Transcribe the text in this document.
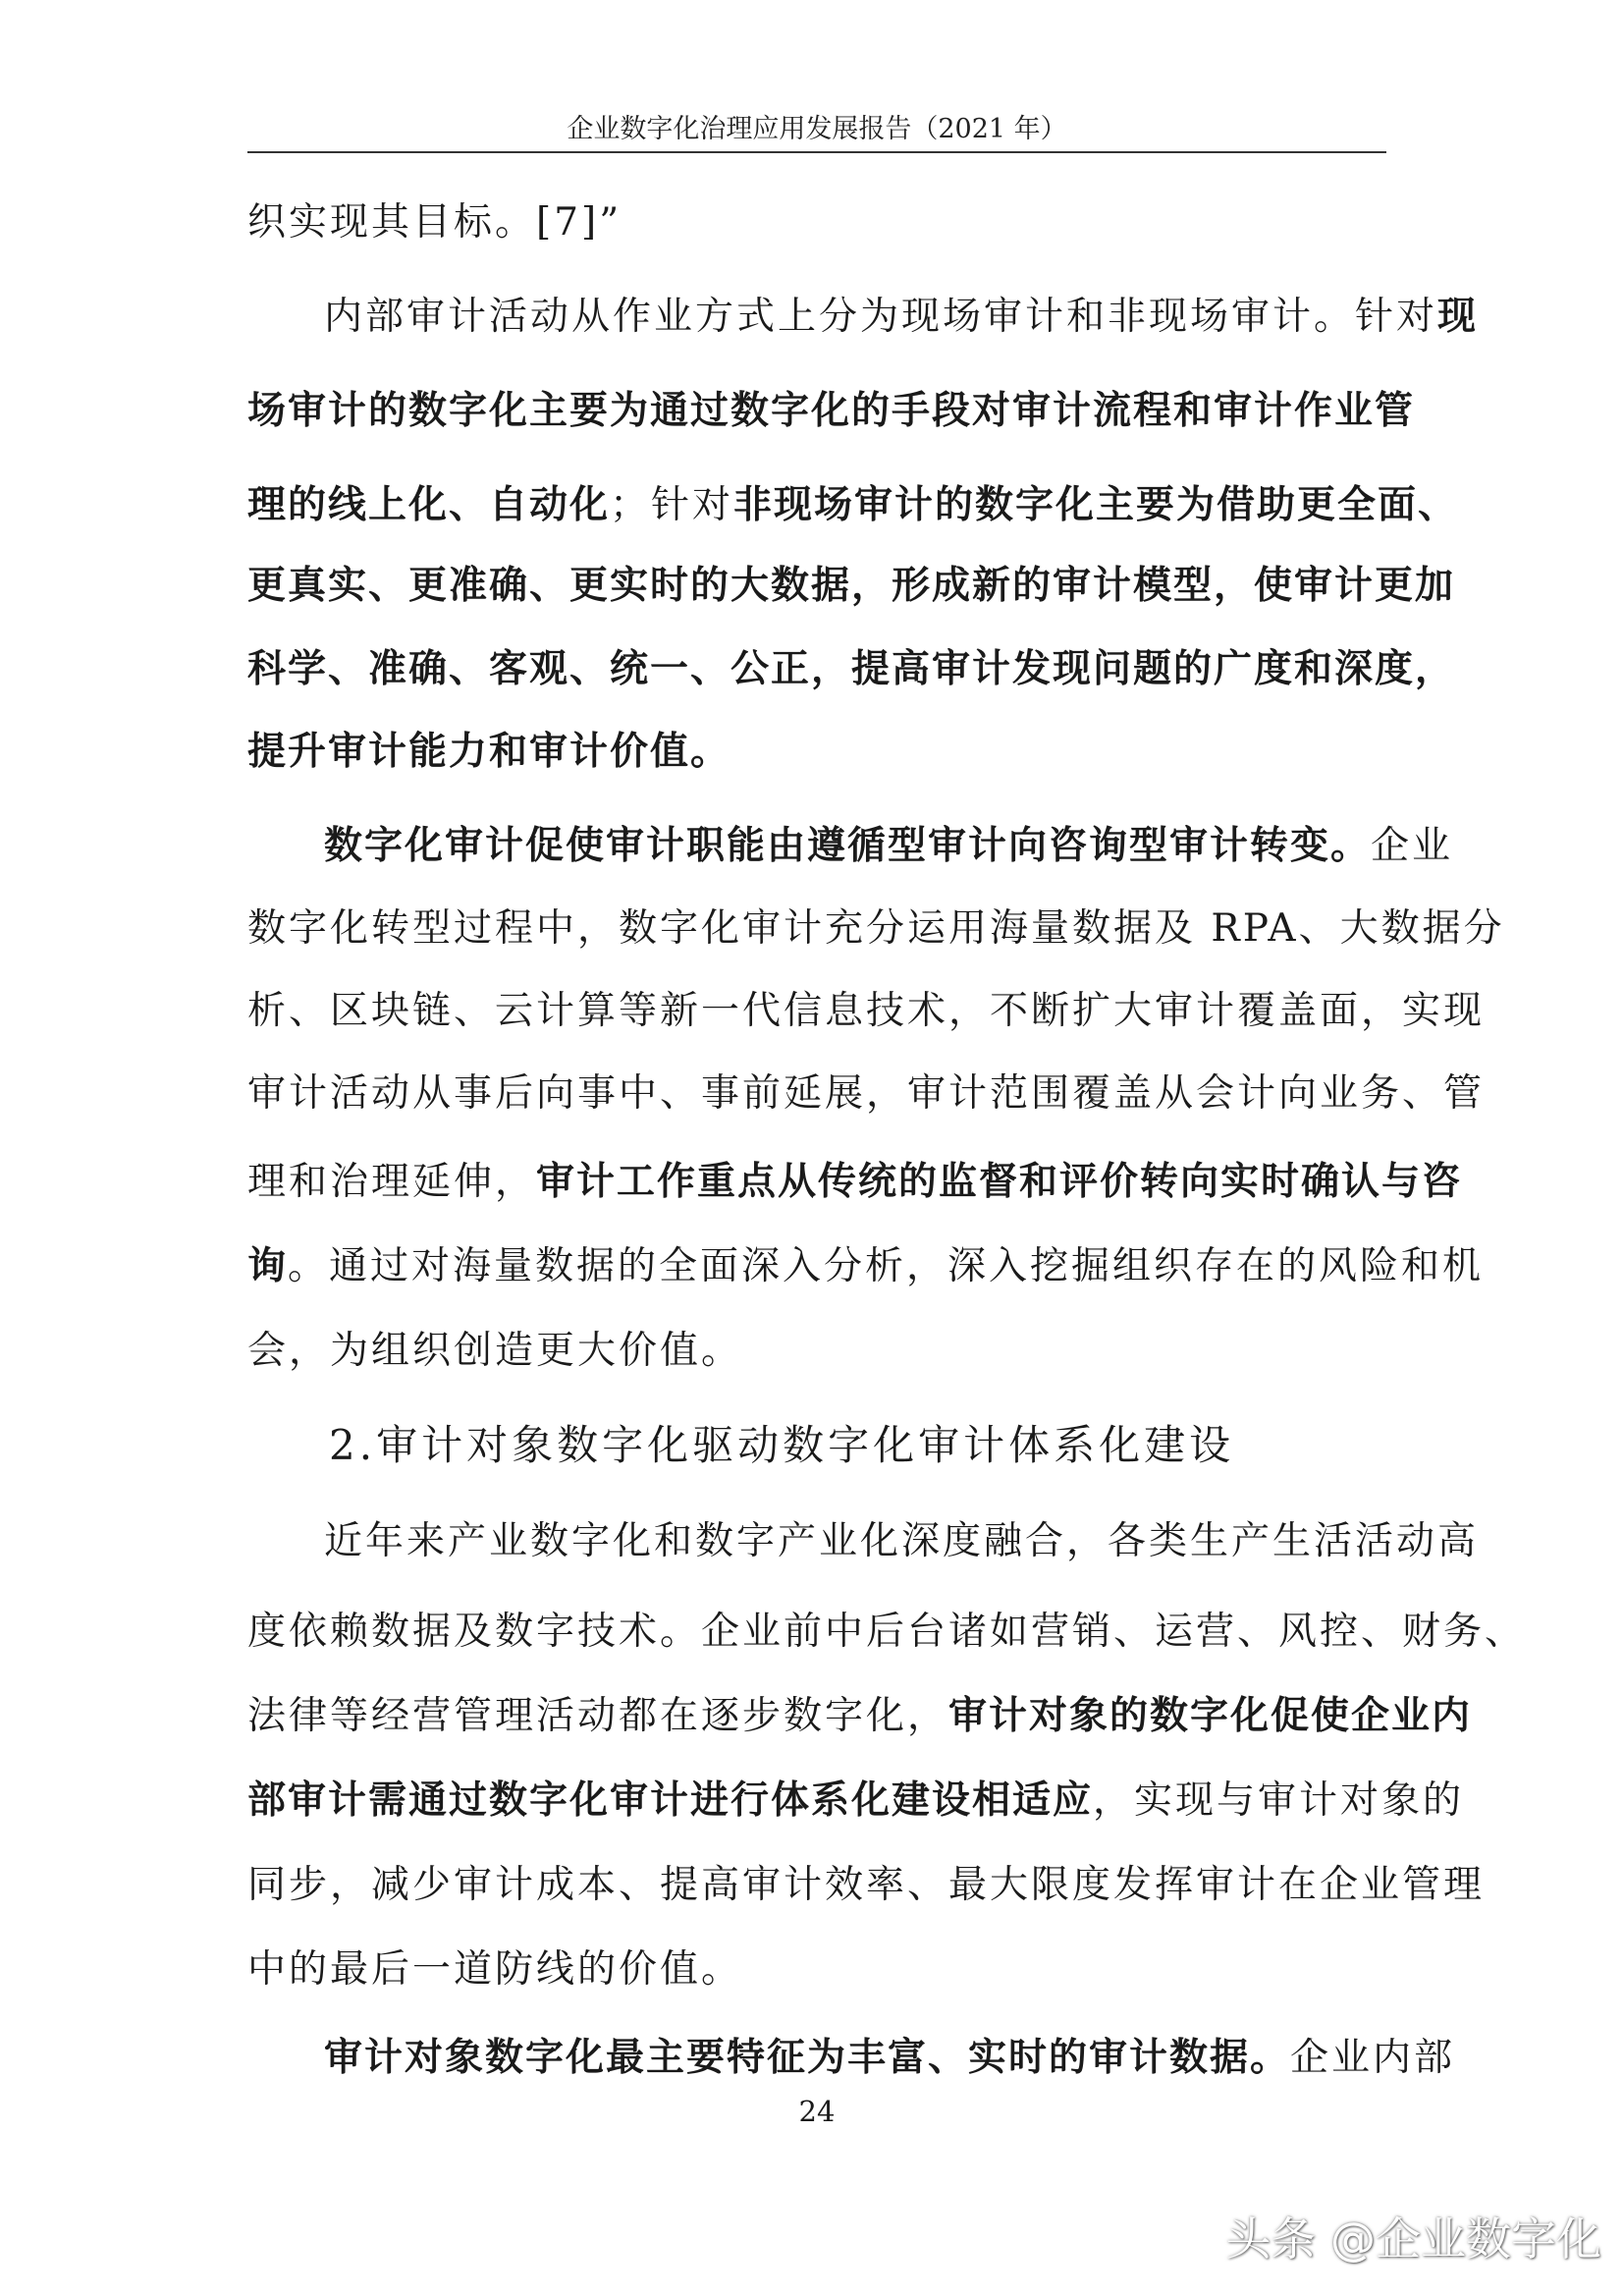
企业数字化治理应用发展报告（2021 年）
织实现其目标。[7]”
内部审计活动从作业方式上分为现场审计和非现场审计。针对现
场审计的数字化主要为通过数字化的手段对审计流程和审计作业管
理的线上化、自动化；针对非现场审计的数字化主要为借助更全面、
更真实、更准确、更实时的大数据，形成新的审计模型，使审计更加
科学、准确、客观、统一、公正，提高审计发现问题的广度和深度，
提升审计能力和审计价值。
数字化审计促使审计职能由遵循型审计向咨询型审计转变。企业
数字化转型过程中，数字化审计充分运用海量数据及 RPA、大数据分
析、区块链、云计算等新一代信息技术，不断扩大审计覆盖面，实现
审计活动从事后向事中、事前延展，审计范围覆盖从会计向业务、管
理和治理延伸，审计工作重点从传统的监督和评价转向实时确认与咨
询。通过对海量数据的全面深入分析，深入挖掘组织存在的风险和机
会，为组织创造更大价值。
2.审计对象数字化驱动数字化审计体系化建设
近年来产业数字化和数字产业化深度融合，各类生产生活活动高
度依赖数据及数字技术。企业前中后台诸如营销、运营、风控、财务、
法律等经营管理活动都在逐步数字化，审计对象的数字化促使企业内
部审计需通过数字化审计进行体系化建设相适应，实现与审计对象的
同步，减少审计成本、提高审计效率、最大限度发挥审计在企业管理
中的最后一道防线的价值。
审计对象数字化最主要特征为丰富、实时的审计数据。企业内部
24
头条 @企业数字化
